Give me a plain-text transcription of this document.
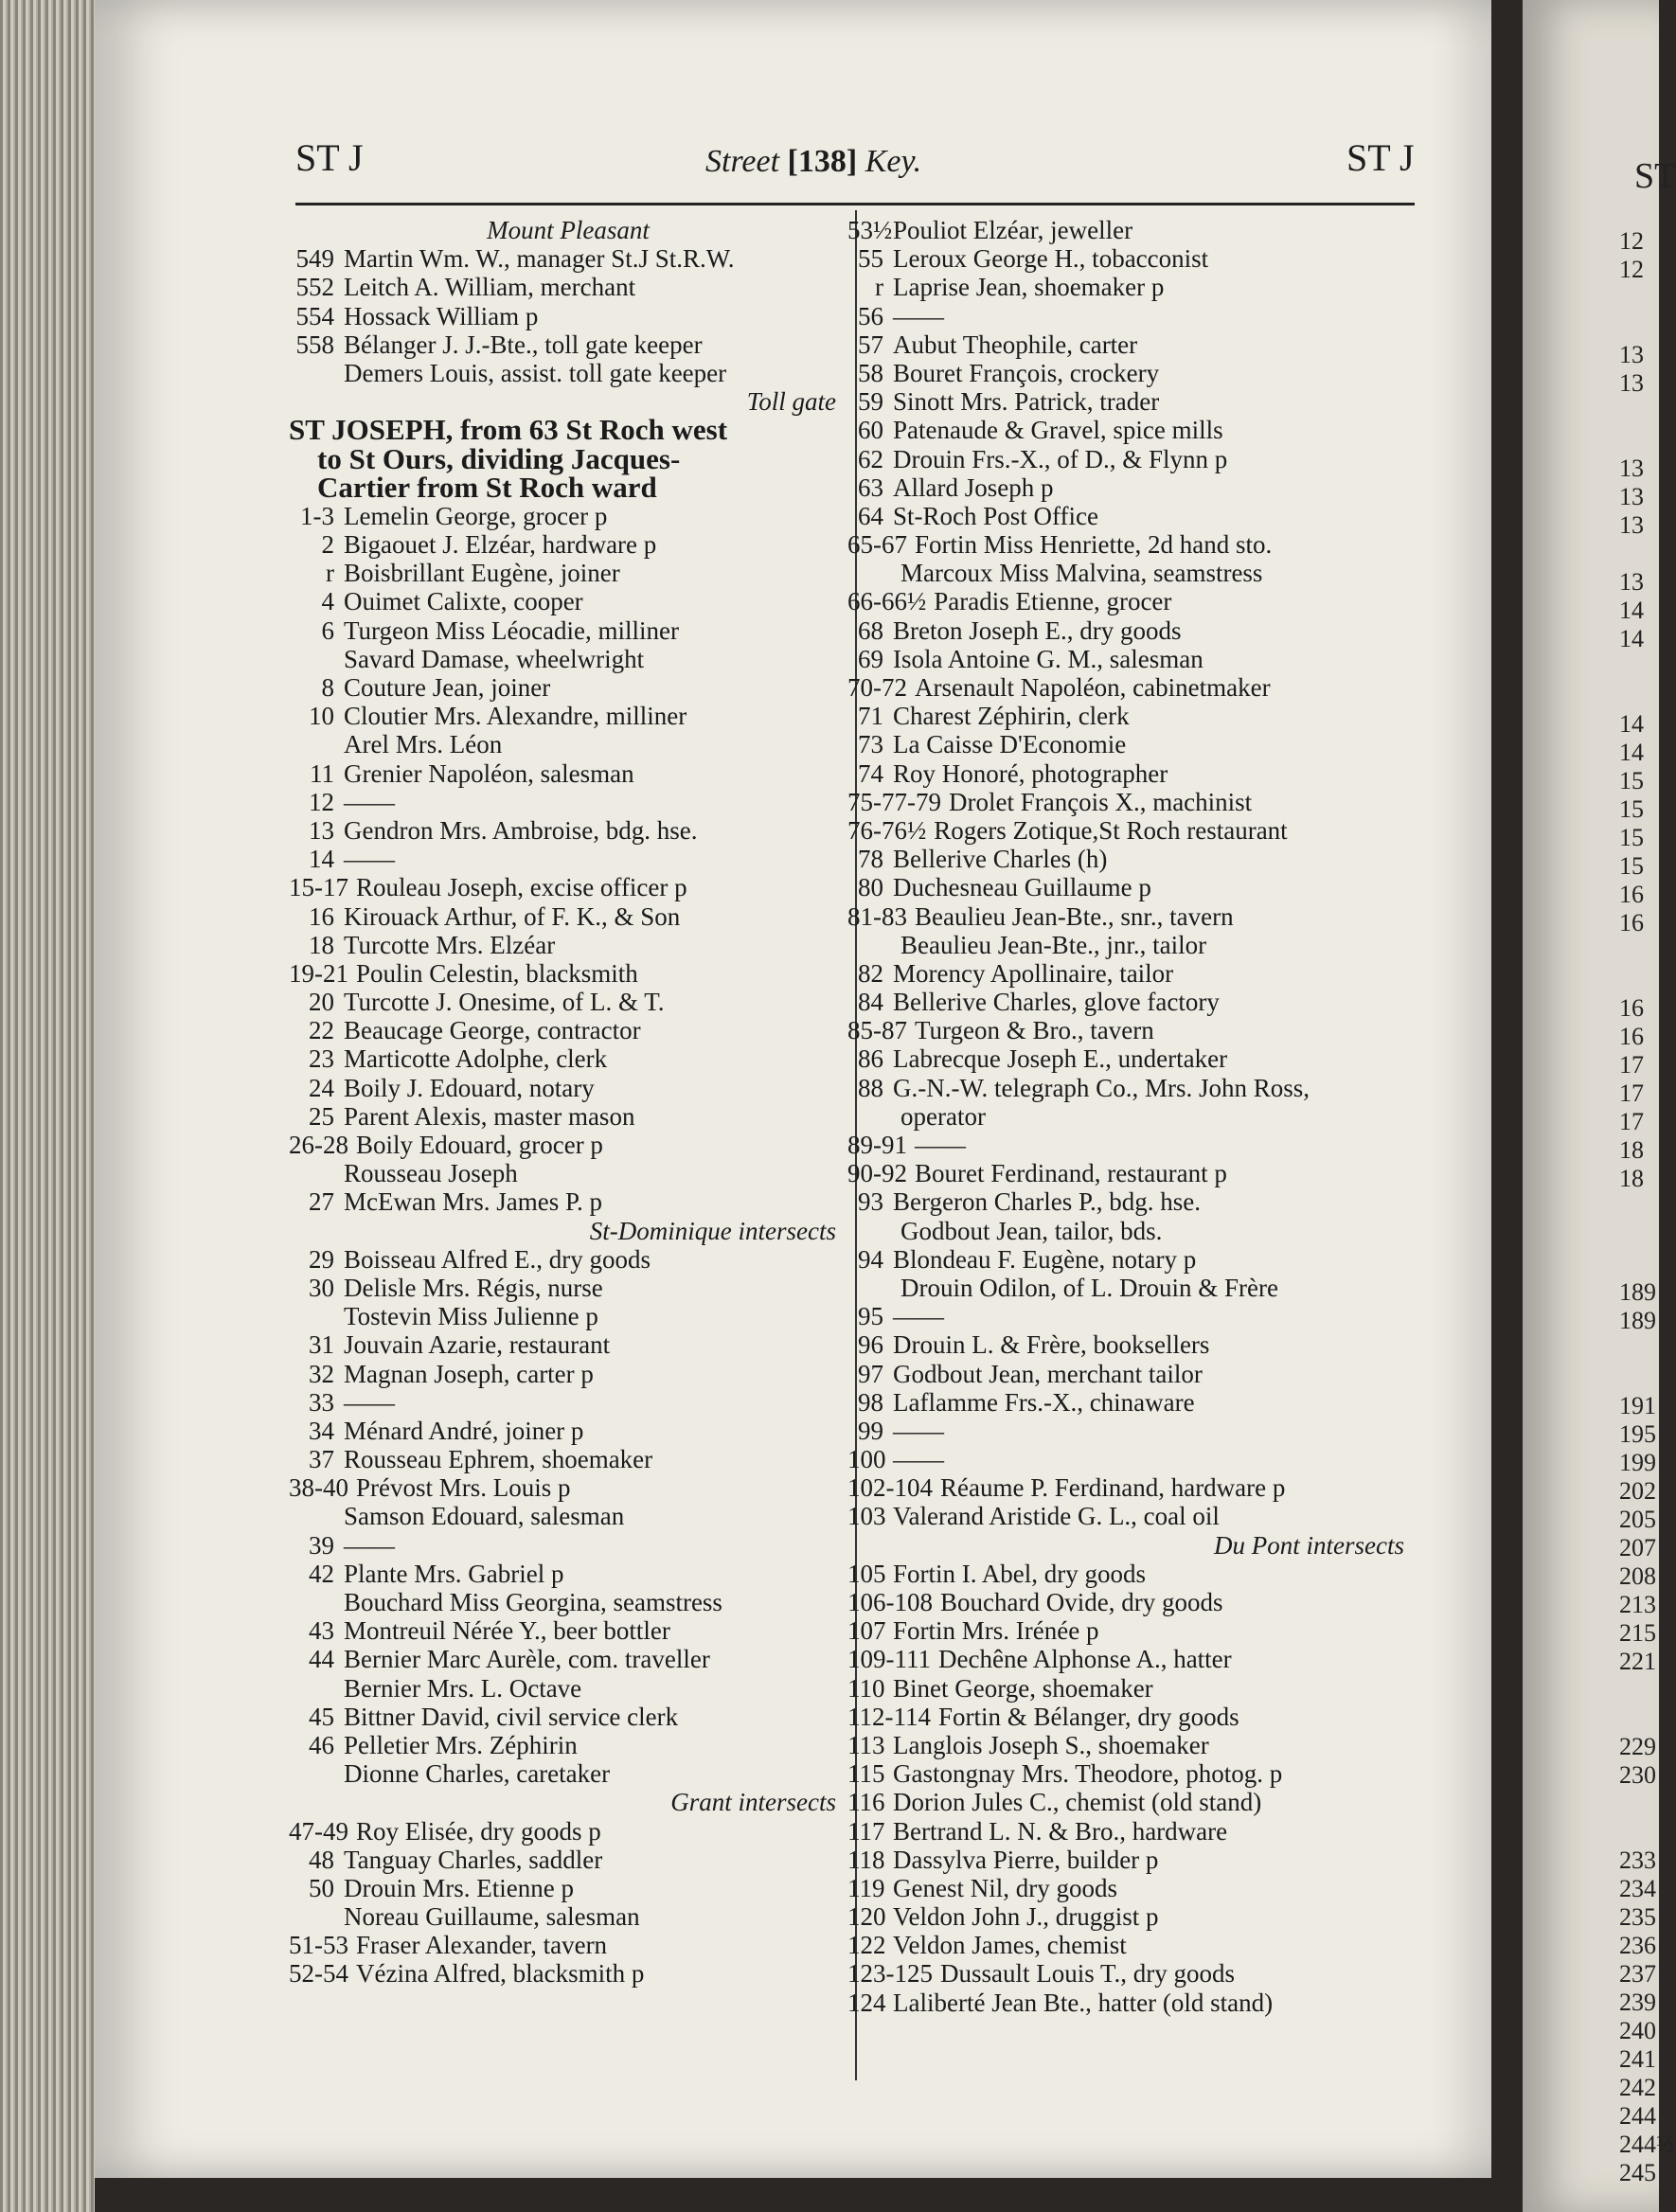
ST J	Street [138] Key.	ST J
Mount Pleasant
549 Martin Wm. W., manager St.J St.R.W.
552 Leitch A. William, merchant
554 Hossack William p
558 Bélanger J. J.-Bte., toll gate keeper
Demers Louis, assist. toll gate keeper
Toll gate
ST JOSEPH, from 63 St Roch west
to St Ours, dividing Jacques-
Cartier from St Roch ward
1-3 Lemelin George, grocer p
2 Bigaouet J. Elzéar, hardware p
r Boisbrillant Eugène, joiner
4 Ouimet Calixte, cooper
6 Turgeon Miss Léocadie, milliner
Savard Damase, wheelwright
8 Couture Jean, joiner
10 Cloutier Mrs. Alexandre, milliner
Arel Mrs. Léon
11 Grenier Napoléon, salesman
12 ——
13 Gendron Mrs. Ambroise, bdg. hse.
14 ——
15-17 Rouleau Joseph, excise officer p
16 Kirouack Arthur, of F. K., & Son
18 Turcotte Mrs. Elzéar
19-21 Poulin Celestin, blacksmith
20 Turcotte J. Onesime, of L. & T.
22 Beaucage George, contractor
23 Marticotte Adolphe, clerk
24 Boily J. Edouard, notary
25 Parent Alexis, master mason
26-28 Boily Edouard, grocer p
Rousseau Joseph
27 McEwan Mrs. James P. p
St-Dominique intersects
29 Boisseau Alfred E., dry goods
30 Delisle Mrs. Régis, nurse
Tostevin Miss Julienne p
31 Jouvain Azarie, restaurant
32 Magnan Joseph, carter p
33 ——
34 Ménard André, joiner p
37 Rousseau Ephrem, shoemaker
38-40 Prévost Mrs. Louis p
Samson Edouard, salesman
39 ——
42 Plante Mrs. Gabriel p
Bouchard Miss Georgina, seamstress
43 Montreuil Nérée Y., beer bottler
44 Bernier Marc Aurèle, com. traveller
Bernier Mrs. L. Octave
45 Bittner David, civil service clerk
46 Pelletier Mrs. Zéphirin
Dionne Charles, caretaker
Grant intersects
47-49 Roy Elisée, dry goods p
48 Tanguay Charles, saddler
50 Drouin Mrs. Etienne p
Noreau Guillaume, salesman
51-53 Fraser Alexander, tavern
52-54 Vézina Alfred, blacksmith p
53½Pouliot Elzéar, jeweller
55 Leroux George H., tobacconist
r Laprise Jean, shoemaker p
56 ——
57 Aubut Theophile, carter
58 Bouret François, crockery
59 Sinott Mrs. Patrick, trader
60 Patenaude & Gravel, spice mills
62 Drouin Frs.-X., of D., & Flynn p
63 Allard Joseph p
64 St-Roch Post Office
65-67 Fortin Miss Henriette, 2d hand sto.
Marcoux Miss Malvina, seamstress
66-66½ Paradis Etienne, grocer
68 Breton Joseph E., dry goods
69 Isola Antoine G. M., salesman
70-72 Arsenault Napoléon, cabinetmaker
71 Charest Zéphirin, clerk
73 La Caisse D'Economie
74 Roy Honoré, photographer
75-77-79 Drolet François X., machinist
76-76½ Rogers Zotique,St Roch restaurant
78 Bellerive Charles (h)
80 Duchesneau Guillaume p
81-83 Beaulieu Jean-Bte., snr., tavern
Beaulieu Jean-Bte., jnr., tailor
82 Morency Apollinaire, tailor
84 Bellerive Charles, glove factory
85-87 Turgeon & Bro., tavern
86 Labrecque Joseph E., undertaker
88 G.-N.-W. telegraph Co., Mrs. John Ross,
operator
89-91 ——
90-92 Bouret Ferdinand, restaurant p
93 Bergeron Charles P., bdg. hse.
Godbout Jean, tailor, bds.
94 Blondeau F. Eugène, notary p
Drouin Odilon, of L. Drouin & Frère
95 ——
96 Drouin L. & Frère, booksellers
97 Godbout Jean, merchant tailor
98 Laflamme Frs.-X., chinaware
99 ——
100 ——
102-104 Réaume P. Ferdinand, hardware p
103 Valerand Aristide G. L., coal oil
Du Pont intersects
105 Fortin I. Abel, dry goods
106-108 Bouchard Ovide, dry goods
107 Fortin Mrs. Irénée p
109-111 Dechêne Alphonse A., hatter
110 Binet George, shoemaker
112-114 Fortin & Bélanger, dry goods
113 Langlois Joseph S., shoemaker
115 Gastongnay Mrs. Theodore, photog. p
116 Dorion Jules C., chemist (old stand)
117 Bertrand L. N. & Bro., hardware
118 Dassylva Pierre, builder p
119 Genest Nil, dry goods
120 Veldon John J., druggist p
122 Veldon James, chemist
123-125 Dussault Louis T., dry goods
124 Laliberté Jean Bte., hatter (old stand)
ST
12
12
13
13
13
13
13
13
14
14
14
14
15
15
15
15
16
16
16
16
17
17
17
18
18
189
189
191
195
199
202
205
207
208
213
215
221
229
230
233
234
235
236
237
239
240
241
242
244
244½
245
